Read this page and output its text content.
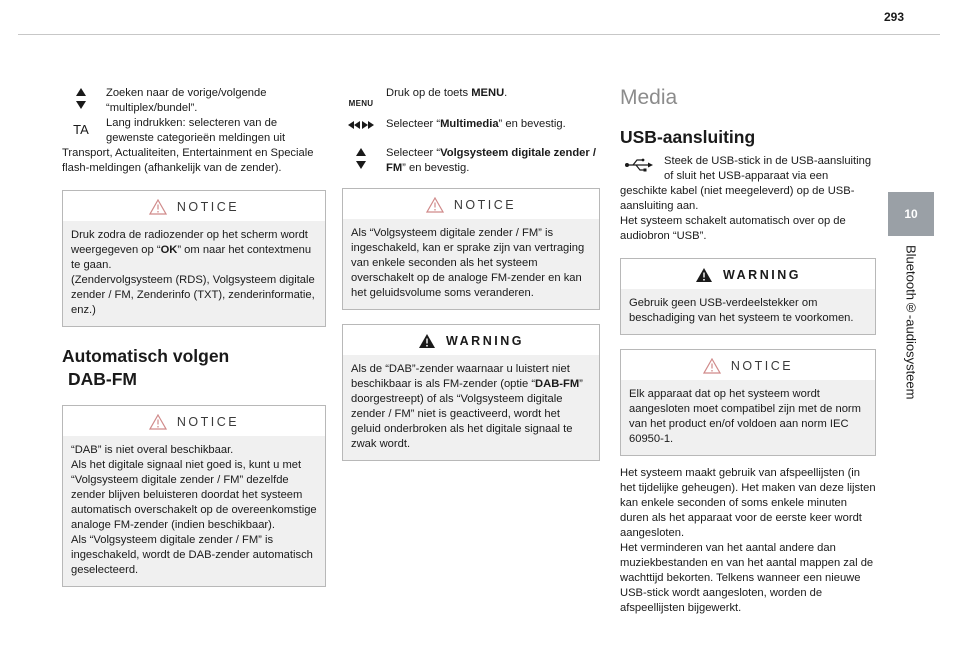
293
10
Bluetooth®-audiosysteem
Zoeken naar de vorige/volgende “multiplex/bundel”.
TA	Lang indrukken: selecteren van de gewenste categorieën meldingen uit
Transport, Actualiteiten, Entertainment en Speciale flash-meldingen (afhankelijk van de zender).
NOTICE
Druk zodra de radiozender op het scherm wordt weergegeven op “OK” om naar het contextmenu te gaan.
(Zendervolgsysteem (RDS), Volgsysteem digitale zender / FM, Zenderinfo (TXT), zenderinformatie, enz.)
Automatisch volgen
DAB-FM
NOTICE
“DAB” is niet overal beschikbaar.
Als het digitale signaal niet goed is, kunt u met “Volgsysteem digitale zender / FM” dezelfde zender blijven beluisteren doordat het systeem automatisch overschakelt op de overeenkomstige analoge FM-zender (indien beschikbaar).
Als “Volgsysteem digitale zender / FM” is ingeschakeld, wordt de DAB-zender automatisch geselecteerd.
MENU
Druk op de toets MENU.
Selecteer “Multimedia” en bevestig.
Selecteer “Volgsysteem digitale zender / FM” en bevestig.
NOTICE
Als “Volgsysteem digitale zender / FM” is ingeschakeld, kan er sprake zijn van vertraging van enkele seconden als het systeem overschakelt op de analoge FM-zender en kan het geluidsvolume soms veranderen.
WARNING
Als de “DAB”-zender waarnaar u luistert niet beschikbaar is als FM-zender (optie “DAB-FM” doorgestreept) of als “Volgsysteem digitale zender / FM” niet is geactiveerd, wordt het geluid onderbroken als het digitale signaal te zwak wordt.
Media
USB-aansluiting
Steek de USB-stick in de USB-aansluiting of sluit het USB-apparaat via een
geschikte kabel (niet meegeleverd) op de USB-aansluiting aan.
Het systeem schakelt automatisch over op de audiobron “USB”.
WARNING
Gebruik geen USB-verdeelstekker om beschadiging van het systeem te voorkomen.
NOTICE
Elk apparaat dat op het systeem wordt aangesloten moet compatibel zijn met de norm van het product en/of voldoen aan norm IEC 60950-1.
Het systeem maakt gebruik van afspeellijsten (in het tijdelijke geheugen). Het maken van deze lijsten kan enkele seconden of soms enkele minuten duren als het apparaat voor de eerste keer wordt aangesloten.
Het verminderen van het aantal andere dan muziekbestanden en van het aantal mappen zal de wachttijd bekorten. Telkens wanneer een nieuwe USB-stick wordt aangesloten, worden de afspeellijsten bijgewerkt.
